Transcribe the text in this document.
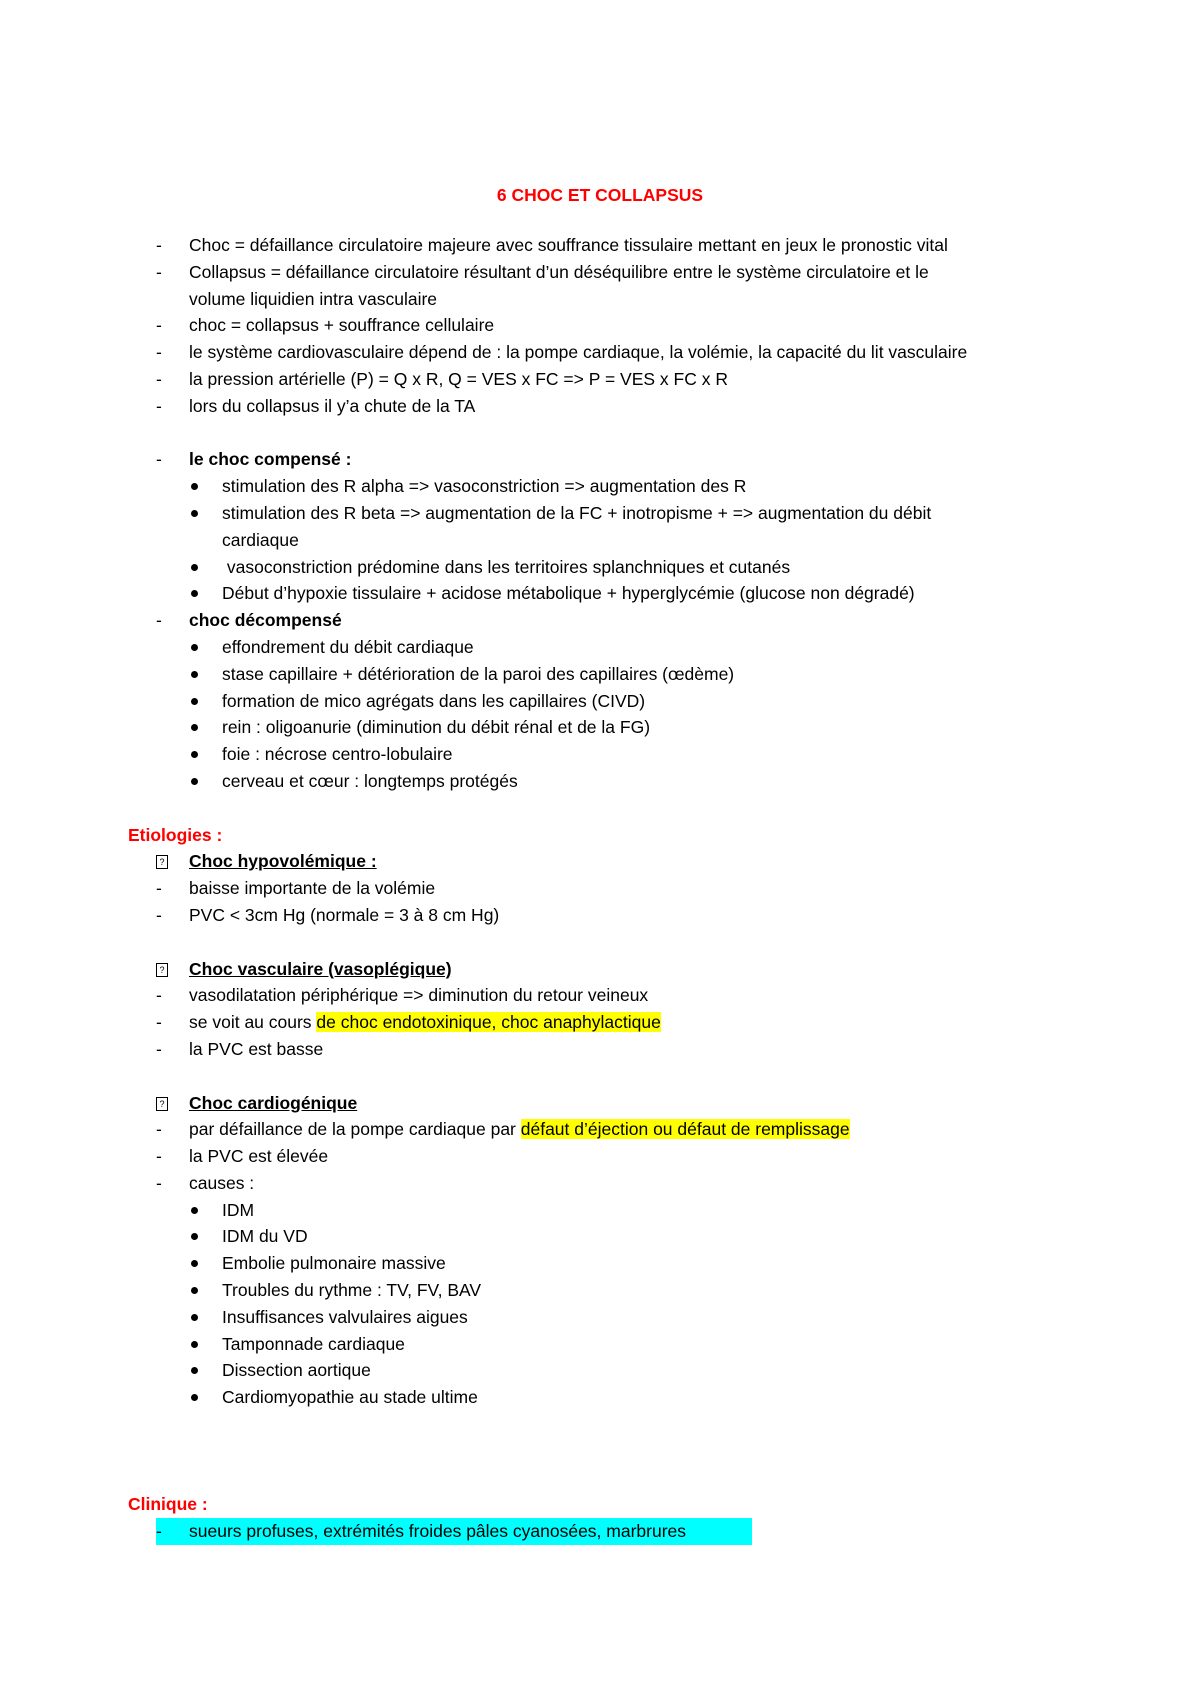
6 CHOC ET COLLAPSUS
- Choc = défaillance circulatoire majeure avec souffrance tissulaire mettant en jeux le pronostic vital
- Collapsus = défaillance circulatoire résultant d’un déséquilibre entre le système circulatoire et le
volume liquidien intra vasculaire
- choc = collapsus + souffrance cellulaire
- le système cardiovasculaire dépend de : la pompe cardiaque, la volémie, la capacité du lit vasculaire
- la pression artérielle (P) = Q x R, Q = VES x FC => P = VES x FC x R
- lors du collapsus il y’a chute de la TA
- le choc compensé :
stimulation des R alpha => vasoconstriction => augmentation des R
stimulation des R beta => augmentation de la FC + inotropisme + => augmentation du débit
cardiaque
vasoconstriction prédomine dans les territoires splanchniques et cutanés
Début d’hypoxie tissulaire + acidose métabolique + hyperglycémie (glucose non dégradé)
- choc décompensé
effondrement du débit cardiaque
stase capillaire + détérioration de la paroi des capillaires (œdème)
formation de mico agrégats dans les capillaires (CIVD)
rein : oligoanurie (diminution du débit rénal et de la FG)
foie : nécrose centro-lobulaire
cerveau et cœur : longtemps protégés
Etiologies :
? Choc hypovolémique :
- baisse importante de la volémie
- PVC < 3cm Hg (normale = 3 à 8 cm Hg)
? Choc vasculaire (vasoplégique)
- vasodilatation périphérique => diminution du retour veineux
- se voit au cours de choc endotoxinique, choc anaphylactique
- la PVC est basse
? Choc cardiogénique
- par défaillance de la pompe cardiaque par défaut d’éjection ou défaut de remplissage
- la PVC est élevée
- causes :
IDM
IDM du VD
Embolie pulmonaire massive
Troubles du rythme : TV, FV, BAV
Insuffisances valvulaires aigues
Tamponnade cardiaque
Dissection aortique
Cardiomyopathie au stade ultime
Clinique :
- sueurs profuses, extrémités froides pâles cyanosées, marbrures
